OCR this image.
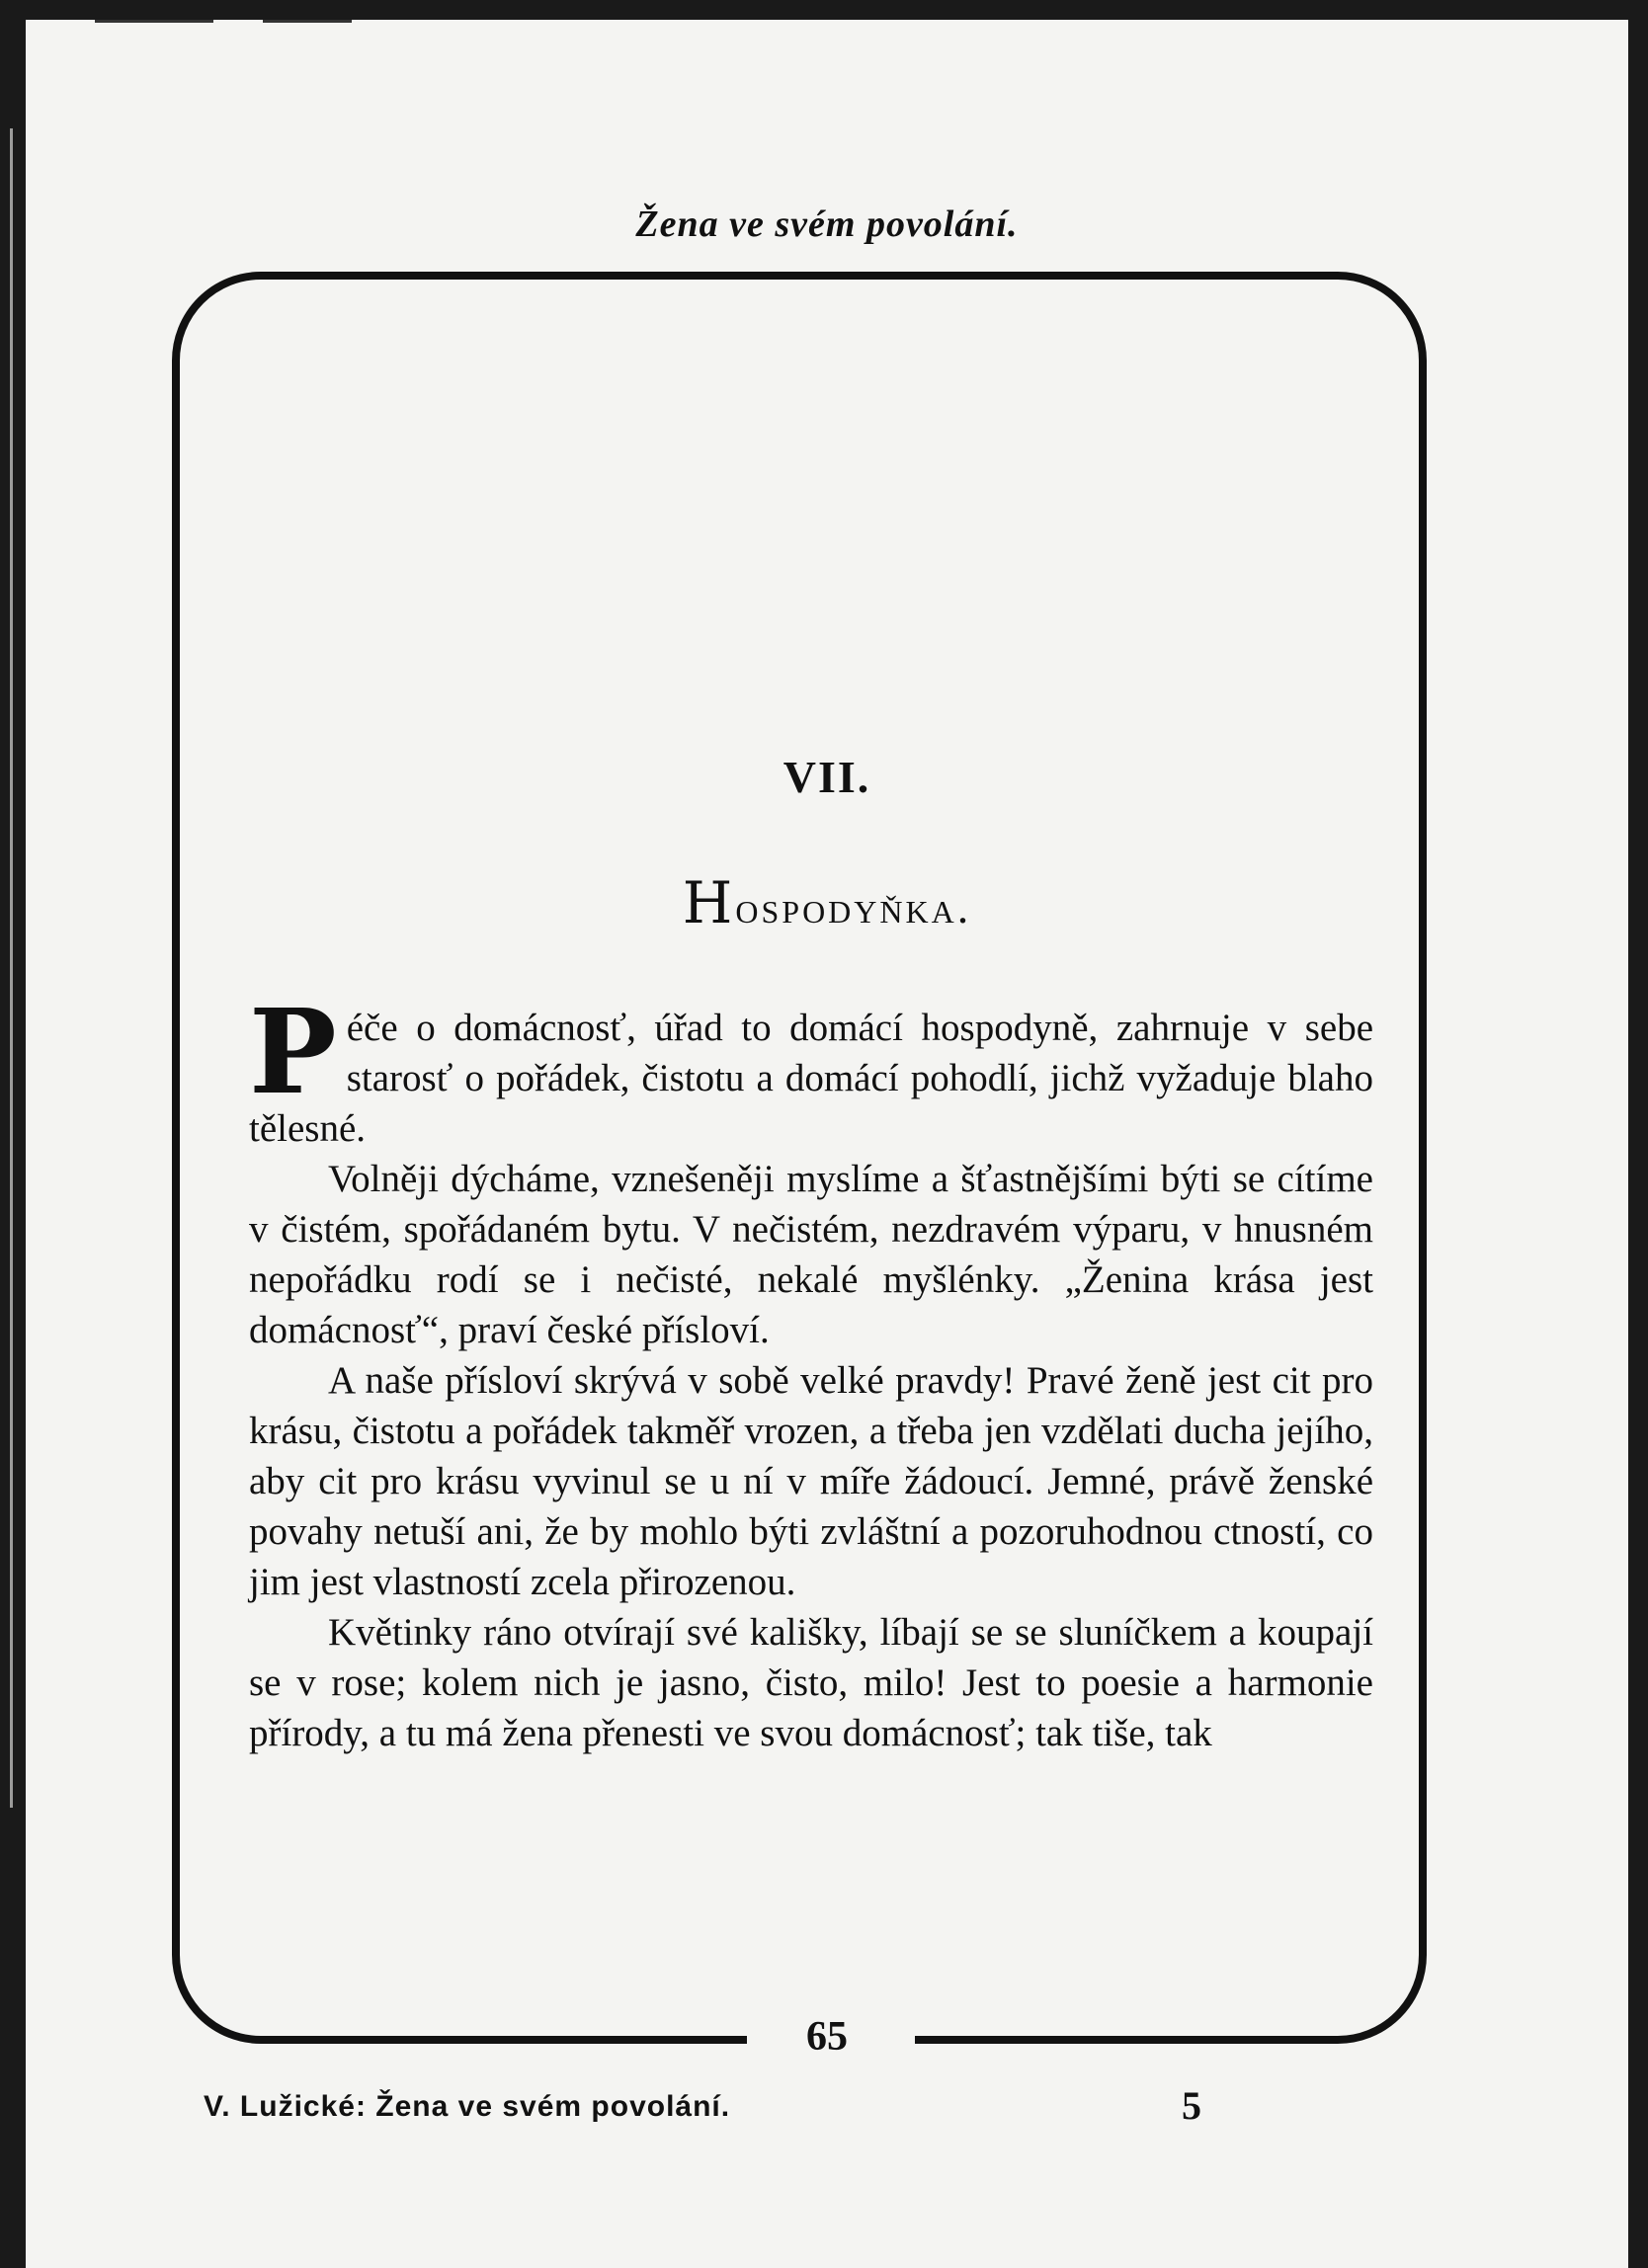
Žena ve svém povolání.
VII.
Hospodyňka.

Péče o domácnosť, úřad to domácí hospodyně, zahrnuje v sebe starosť o pořádek, čistotu a domácí pohodlí, jichž vyžaduje blaho tělesné.

Volněji dýcháme, vznešeněji myslíme a šťastnějšími býti se cítíme v čistém, spořádaném bytu. V nečistém, nezdravém výparu, v hnusném nepořádku rodí se i nečisté, nekalé myšlénky. „Ženina krása jest domácnosť“, praví české přísloví.

A naše přísloví skrývá v sobě velké pravdy! Pravé ženě jest cit pro krásu, čistotu a pořádek takměř vrozen, a třeba jen vzdělati ducha jejího, aby cit pro krásu vyvinul se u ní v míře žádoucí. Jemné, právě ženské povahy netuší ani, že by mohlo býti zvláštní a pozoruhodnou ctností, co jim jest vlastností zcela přirozenou.

Květinky ráno otvírají své kališky, líbají se se sluníčkem a koupají se v rose; kolem nich je jasno, čisto, milo! Jest to poesie a harmonie přírody, a tu má žena přenesti ve svou domácnosť; tak tiše, tak

65
V. Lužické: Žena ve svém povolání.	5
